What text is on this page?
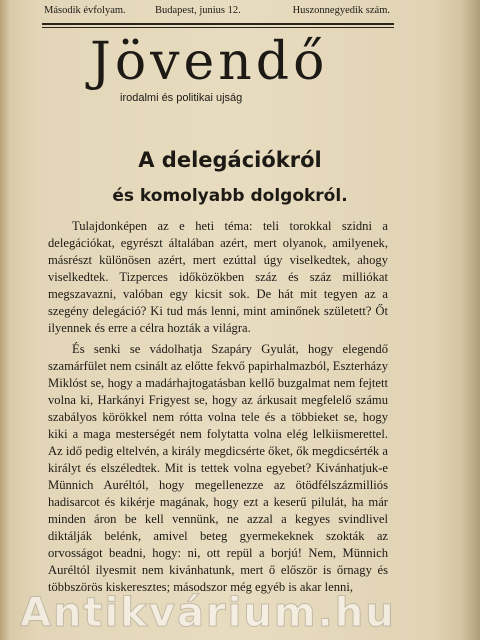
Második évfolyam.	Budapest, junius 12.	Huszonnegyedik szám.
Jövendő
irodalmi és politikai ujság
A delegációkról
és komolyabb dolgokról.

Tulajdonképen az e heti téma: teli torokkal szidni a delegációkat, egyrészt általában azért, mert olyanok, amilyenek, másrészt különösen azért, mert ezúttal úgy viselkedtek, ahogy viselkedtek. Tizperces időközökben száz és száz milliókat megszavazni, valóban egy kicsit sok. De hát mit tegyen az a szegény delegáció? Ki tud más lenni, mint aminőnek született? Őt ilyennek és erre a célra hozták a világra.

És senki se vádolhatja Szapáry Gyulát, hogy elegendő szamárfület nem csinált az előtte fekvő papirhalmazból, Eszterházy Miklóst se, hogy a madárhajtogatásban kellő buzgalmat nem fejtett volna ki, Harkányi Frigyest se, hogy az árkusait megfelelő számu szabályos körökkel nem rótta volna tele és a többieket se, hogy kiki a maga mesterségét nem folytatta volna elég lelkiismerettel. Az idő pedig eltelvén, a király megdicsérte őket, ők megdicsérték a királyt és elszéledtek. Mit is tettek volna egyebet? Kivánhatjuk-e Münnich Auréltól, hogy megellenezze az ötödfélszázmilliós hadisarcot és kikérje magának, hogy ezt a keserű pilulát, ha már minden áron be kell vennünk, ne azzal a kegyes svindlivel diktálják belénk, amivel beteg gyermekeknek szokták az orvosságot beadni, hogy: ni, ott repül a borjú! Nem, Münnich Auréltól ilyesmit nem kivánhatunk, mert ő először is őrnagy és többszörös kiskeresztes; másodszor még egyéb is akar lenni,

Antikvárium.hu
